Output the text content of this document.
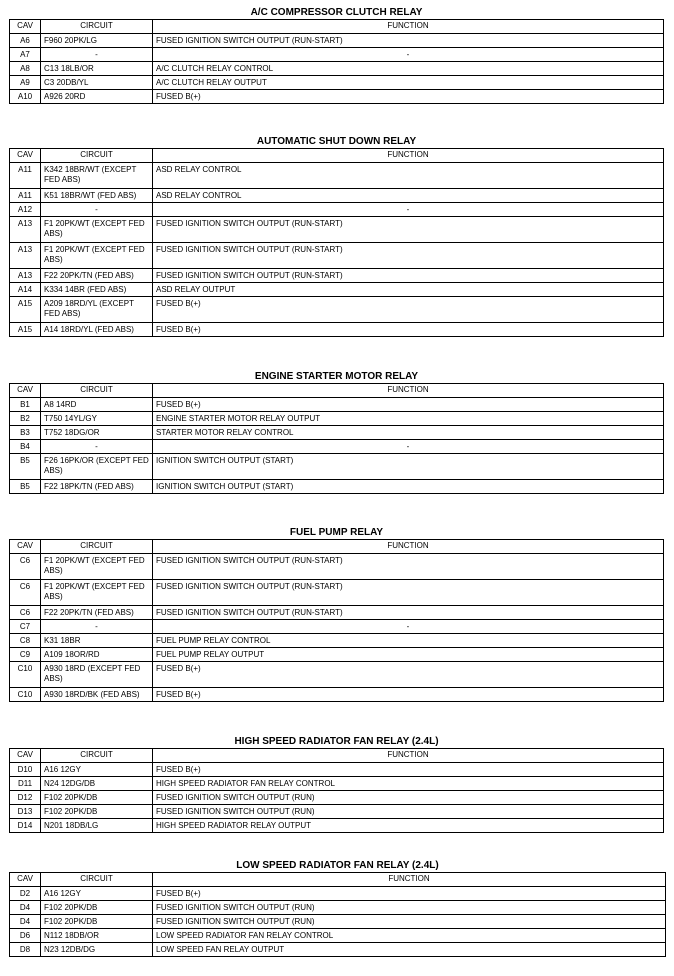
A/C COMPRESSOR CLUTCH RELAY
CAV	CIRCUIT	FUNCTION
A6	F960 20PK/LG	FUSED IGNITION SWITCH OUTPUT (RUN-START)
A7	-	-
A8	C13 18LB/OR	A/C CLUTCH RELAY CONTROL
A9	C3 20DB/YL	A/C CLUTCH RELAY OUTPUT
A10	A926 20RD	FUSED B(+)
AUTOMATIC SHUT DOWN RELAY
CAV	CIRCUIT	FUNCTION
A11	K342 18BR/WT (EXCEPT FED ABS)	ASD RELAY CONTROL
A11	K51 18BR/WT (FED ABS)	ASD RELAY CONTROL
A12	-	-
A13	F1 20PK/WT (EXCEPT FED ABS)	FUSED IGNITION SWITCH OUTPUT (RUN-START)
A13	F1 20PK/WT (EXCEPT FED ABS)	FUSED IGNITION SWITCH OUTPUT (RUN-START)
A13	F22 20PK/TN (FED ABS)	FUSED IGNITION SWITCH OUTPUT (RUN-START)
A14	K334 14BR (FED ABS)	ASD RELAY OUTPUT
A15	A209 18RD/YL (EXCEPT FED ABS)	FUSED B(+)
A15	A14 18RD/YL (FED ABS)	FUSED B(+)
ENGINE STARTER MOTOR RELAY
CAV	CIRCUIT	FUNCTION
B1	A8 14RD	FUSED B(+)
B2	T750 14YL/GY	ENGINE STARTER MOTOR RELAY OUTPUT
B3	T752 18DG/OR	STARTER MOTOR RELAY CONTROL
B4	-	-
B5	F26 16PK/OR (EXCEPT FED ABS)	IGNITION SWITCH OUTPUT (START)
B5	F22 18PK/TN (FED ABS)	IGNITION SWITCH OUTPUT (START)
FUEL PUMP RELAY
CAV	CIRCUIT	FUNCTION
C6	F1 20PK/WT (EXCEPT FED ABS)	FUSED IGNITION SWITCH OUTPUT (RUN-START)
C6	F1 20PK/WT (EXCEPT FED ABS)	FUSED IGNITION SWITCH OUTPUT (RUN-START)
C6	F22 20PK/TN (FED ABS)	FUSED IGNITION SWITCH OUTPUT (RUN-START)
C7	-	-
C8	K31 18BR	FUEL PUMP RELAY CONTROL
C9	A109 18OR/RD	FUEL PUMP RELAY OUTPUT
C10	A930 18RD (EXCEPT FED ABS)	FUSED B(+)
C10	A930 18RD/BK (FED ABS)	FUSED B(+)
HIGH SPEED RADIATOR FAN RELAY (2.4L)
CAV	CIRCUIT	FUNCTION
D10	A16 12GY	FUSED B(+)
D11	N24 12DG/DB	HIGH SPEED RADIATOR FAN RELAY CONTROL
D12	F102 20PK/DB	FUSED IGNITION SWITCH OUTPUT (RUN)
D13	F102 20PK/DB	FUSED IGNITION SWITCH OUTPUT (RUN)
D14	N201 18DB/LG	HIGH SPEED RADIATOR RELAY OUTPUT
LOW SPEED RADIATOR FAN RELAY (2.4L)
CAV	CIRCUIT	FUNCTION
D2	A16 12GY	FUSED B(+)
D4	F102 20PK/DB	FUSED IGNITION SWITCH OUTPUT (RUN)
D4	F102 20PK/DB	FUSED IGNITION SWITCH OUTPUT (RUN)
D6	N112 18DB/OR	LOW SPEED RADIATOR FAN RELAY CONTROL
D8	N23 12DB/DG	LOW SPEED FAN RELAY OUTPUT
